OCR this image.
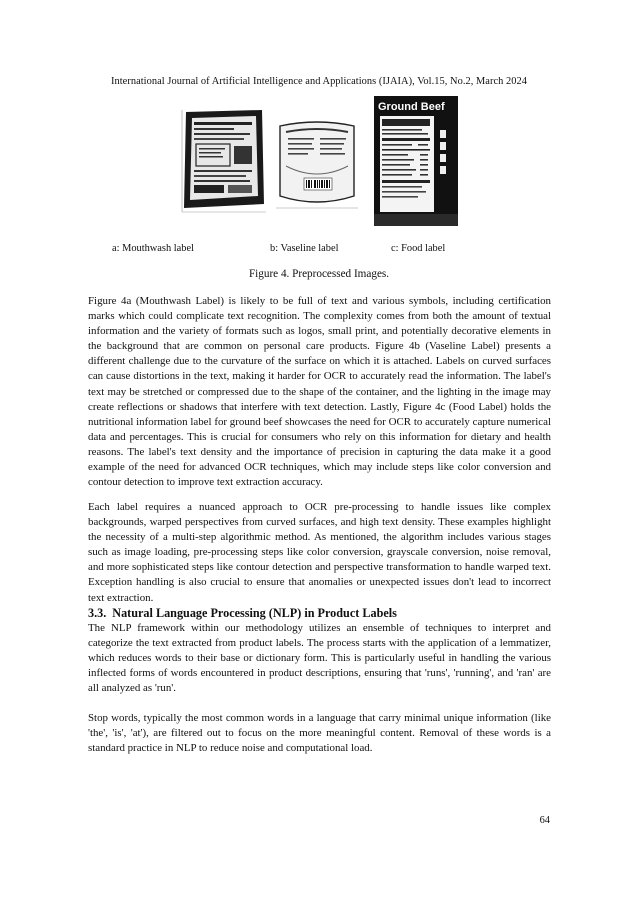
International Journal of Artificial Intelligence and Applications (IJAIA), Vol.15, No.2, March 2024
Ground Beef
a: Mouthwash label	b: Vaseline label	c: Food label
Figure 4. Preprocessed Images.

Figure 4a (Mouthwash Label) is likely to be full of text and various symbols, including certification marks which could complicate text recognition. The complexity comes from both the amount of textual information and the variety of formats such as logos, small print, and potentially decorative elements in the background that are common on personal care products. Figure 4b (Vaseline Label) presents a different challenge due to the curvature of the surface on which it is attached. Labels on curved surfaces can cause distortions in the text, making it harder for OCR to accurately read the information. The label's text may be stretched or compressed due to the shape of the container, and the lighting in the image may create reflections or shadows that interfere with text detection. Lastly, Figure 4c (Food Label) holds the nutritional information label for ground beef showcases the need for OCR to accurately capture numerical data and percentages. This is crucial for consumers who rely on this information for dietary and health reasons. The label's text density and the importance of precision in capturing the data make it a good example of the need for advanced OCR techniques, which may include steps like color conversion and contour detection to improve text extraction accuracy.

Each label requires a nuanced approach to OCR pre-processing to handle issues like complex backgrounds, warped perspectives from curved surfaces, and high text density. These examples highlight the necessity of a multi-step algorithmic method. As mentioned, the algorithm includes various stages such as image loading, pre-processing steps like color conversion, grayscale conversion, noise removal, and more sophisticated steps like contour detection and perspective transformation to handle warped text. Exception handling is also crucial to ensure that anomalies or unexpected issues don't lead to incorrect text extraction.

3.3. Natural Language Processing (NLP) in Product Labels

The NLP framework within our methodology utilizes an ensemble of techniques to interpret and categorize the text extracted from product labels. The process starts with the application of a lemmatizer, which reduces words to their base or dictionary form. This is particularly useful in handling the various inflected forms of words encountered in product descriptions, ensuring that 'runs', 'running', and 'ran' are all analyzed as 'run'.

Stop words, typically the most common words in a language that carry minimal unique information (like 'the', 'is', 'at'), are filtered out to focus on the more meaningful content. Removal of these words is a standard practice in NLP to reduce noise and computational load.

64
